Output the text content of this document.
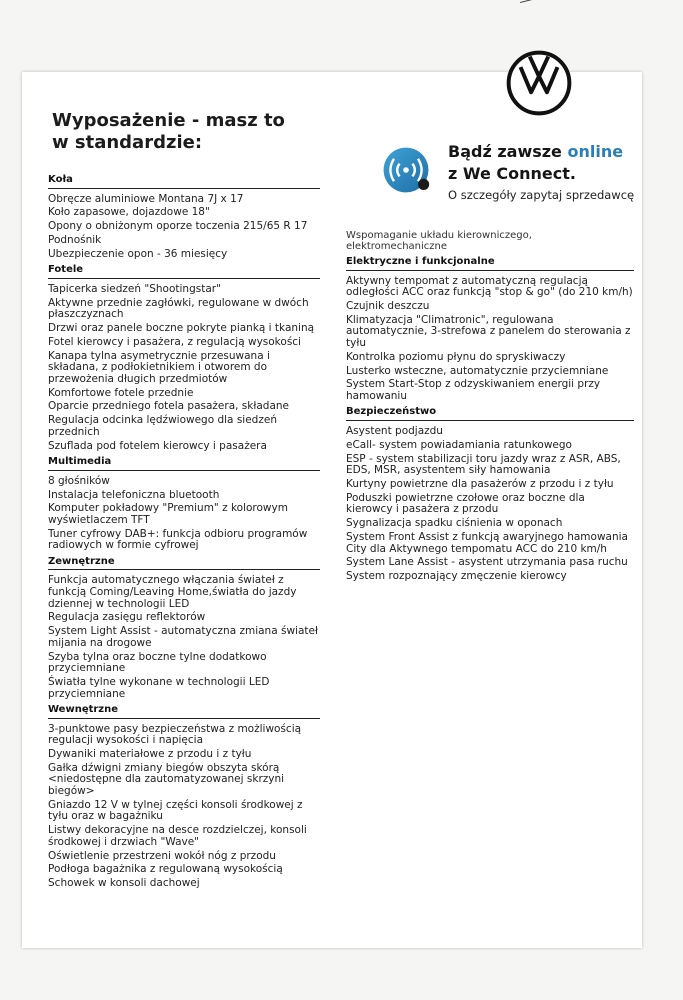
Wyposażenie - masz to
w standardzie:	Bądź zawsze online
z We Connect.
O szczegóły zapytaj sprzedawcę
Koła
Obręcze aluminiowe Montana 7J x 17
Koło zapasowe, dojazdowe 18"
Opony o obniżonym oporze toczenia 215/65 R 17
Podnośnik
Ubezpieczenie opon - 36 miesięcy
Fotele
Tapicerka siedzeń "Shootingstar"
Aktywne przednie zagłówki, regulowane w dwóch płaszczyznach
Drzwi oraz panele boczne pokryte pianką i tkaniną
Fotel kierowcy i pasażera, z regulacją wysokości
Kanapa tylna asymetrycznie przesuwana i składana, z podłokietnikiem i otworem do przewożenia długich przedmiotów
Komfortowe fotele przednie
Oparcie przedniego fotela pasażera, składane
Regulacja odcinka lędźwiowego dla siedzeń przednich
Szuflada pod fotelem kierowcy i pasażera
Multimedia
8 głośników
Instalacja telefoniczna bluetooth
Komputer pokładowy "Premium" z kolorowym wyświetlaczem TFT
Tuner cyfrowy DAB+: funkcja odbioru programów radiowych w formie cyfrowej
Zewnętrzne
Funkcja automatycznego włączania świateł z funkcją Coming/Leaving Home,światła do jazdy dziennej w technologii LED
Regulacja zasięgu reflektorów
System Light Assist - automatyczna zmiana świateł mijania na drogowe
Szyba tylna oraz boczne tylne dodatkowo przyciemniane
Światła tylne wykonane w technologii LED przyciemniane
Wewnętrzne
3-punktowe pasy bezpieczeństwa z możliwością regulacji wysokości i napięcia
Dywaniki materiałowe z przodu i z tyłu
Gałka dźwigni zmiany biegów obszyta skórą <niedostępne dla zautomatyzowanej skrzyni biegów>
Gniazdo 12 V w tylnej części konsoli środkowej z tyłu oraz w bagażniku
Listwy dekoracyjne na desce rozdzielczej, konsoli środkowej i drzwiach "Wave"
Oświetlenie przestrzeni wokół nóg z przodu
Podłoga bagażnika z regulowaną wysokością
Schowek w konsoli dachowej
Wspomaganie układu kierowniczego, elektromechaniczne
Elektryczne i funkcjonalne
Aktywny tempomat z automatyczną regulacją odległości ACC oraz funkcją "stop & go" (do 210 km/h)
Czujnik deszczu
Klimatyzacja "Climatronic", regulowana automatycznie, 3-strefowa z panelem do sterowania z tyłu
Kontrolka poziomu płynu do spryskiwaczy
Lusterko wsteczne, automatycznie przyciemniane
System Start-Stop z odzyskiwaniem energii przy hamowaniu
Bezpieczeństwo
Asystent podjazdu
eCall- system powiadamiania ratunkowego
ESP - system stabilizacji toru jazdy wraz z ASR, ABS, EDS, MSR, asystentem siły hamowania
Kurtyny powietrzne dla pasażerów z przodu i z tyłu
Poduszki powietrzne czołowe oraz boczne dla kierowcy i pasażera z przodu
Sygnalizacja spadku ciśnienia w oponach
System Front Assist z funkcją awaryjnego hamowania City dla Aktywnego tempomatu ACC do 210 km/h
System Lane Assist - asystent utrzymania pasa ruchu
System rozpoznający zmęczenie kierowcy
